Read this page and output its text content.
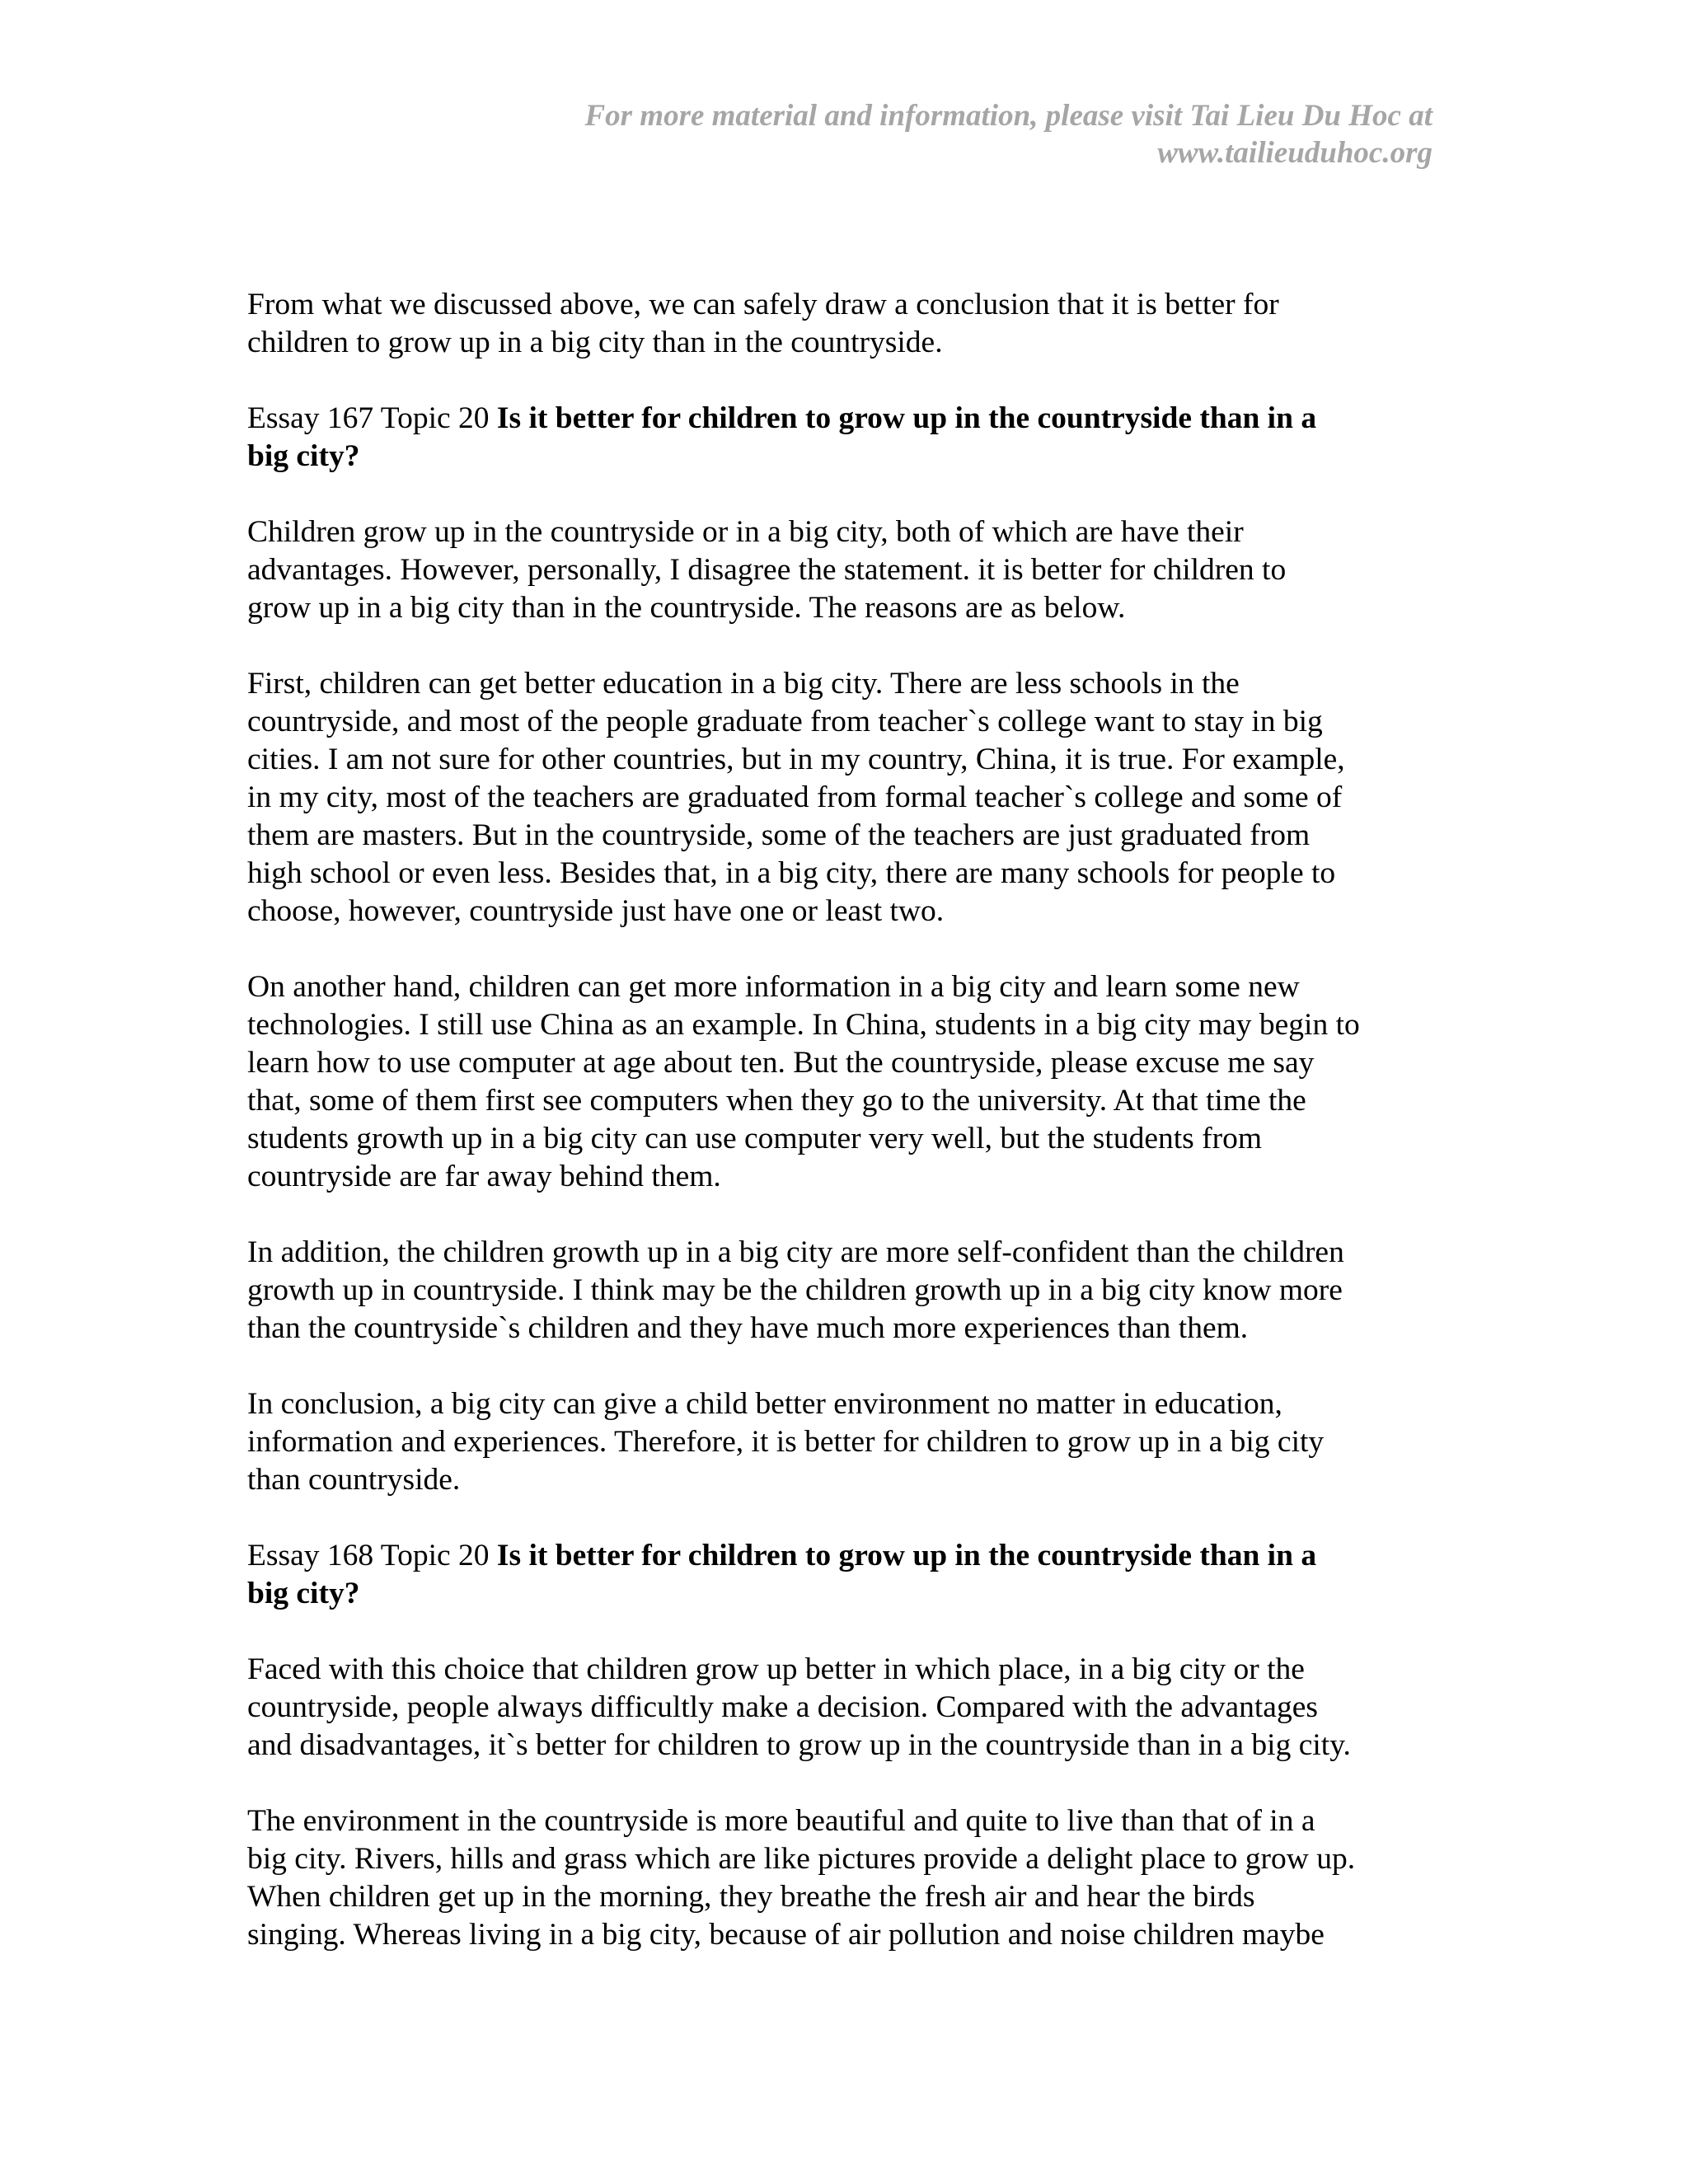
For more material and information, please visit Tai Lieu Du Hoc at
www.tailieuduhoc.org
From what we discussed above, we can safely draw a conclusion that it is better for
children to grow up in a big city than in the countryside.
Essay 167 Topic 20 Is it better for children to grow up in the countryside than in a
big city?
Children grow up in the countryside or in a big city, both of which are have their
advantages. However, personally, I disagree the statement. it is better for children to
grow up in a big city than in the countryside. The reasons are as below.
First, children can get better education in a big city. There are less schools in the
countryside, and most of the people graduate from teacher`s college want to stay in big
cities. I am not sure for other countries, but in my country, China, it is true. For example,
in my city, most of the teachers are graduated from formal teacher`s college and some of
them are masters. But in the countryside, some of the teachers are just graduated from
high school or even less. Besides that, in a big city, there are many schools for people to
choose, however, countryside just have one or least two.
On another hand, children can get more information in a big city and learn some new
technologies. I still use China as an example. In China, students in a big city may begin to
learn how to use computer at age about ten. But the countryside, please excuse me say
that, some of them first see computers when they go to the university. At that time the
students growth up in a big city can use computer very well, but the students from
countryside are far away behind them.
In addition, the children growth up in a big city are more self-confident than the children
growth up in countryside. I think may be the children growth up in a big city know more
than the countryside`s children and they have much more experiences than them.
In conclusion, a big city can give a child better environment no matter in education,
information and experiences. Therefore, it is better for children to grow up in a big city
than countryside.
Essay 168 Topic 20 Is it better for children to grow up in the countryside than in a
big city?
Faced with this choice that children grow up better in which place, in a big city or the
countryside, people always difficultly make a decision. Compared with the advantages
and disadvantages, it`s better for children to grow up in the countryside than in a big city.
The environment in the countryside is more beautiful and quite to live than that of in a
big city. Rivers, hills and grass which are like pictures provide a delight place to grow up.
When children get up in the morning, they breathe the fresh air and hear the birds
singing. Whereas living in a big city, because of air pollution and noise children maybe
